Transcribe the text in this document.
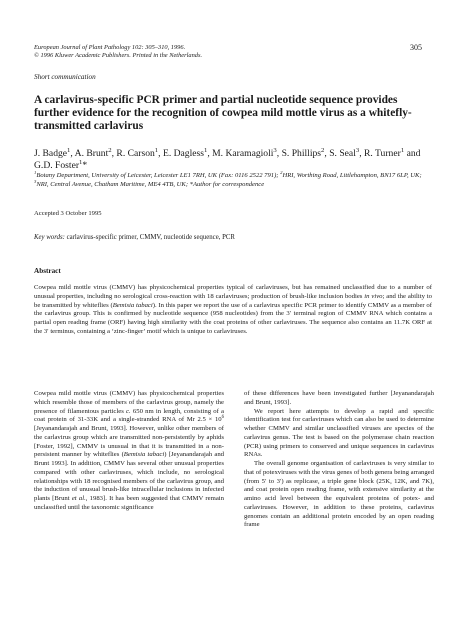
European Journal of Plant Pathology 102: 305–310, 1996.
© 1996 Kluwer Academic Publishers. Printed in the Netherlands.
305
Short communication
A carlavirus-specific PCR primer and partial nucleotide sequence provides further evidence for the recognition of cowpea mild mottle virus as a whitefly-transmitted carlavirus
J. Badge$^1$, A. Brunt$^2$, R. Carson$^1$, E. Dagless$^1$, M. Karamagioli$^3$, S. Phillips$^2$, S. Seal$^3$, R. Turner$^1$ and G.D. Foster$^1$*
$^1$Botany Department, University of Leicester, Leicester LE1 7RH, UK (Fax: 0116 2522 791); $^2$HRI, Worthing Road, Littlehampton, BN17 6LP, UK; $^3$NRI, Central Avenue, Chatham Maritime, ME4 4TB, UK; *Author for correspondence
Accepted 3 October 1995
Key words: carlavirus-specific primer, CMMV, nucleotide sequence, PCR
Abstract
Cowpea mild mottle virus (CMMV) has physicochemical properties typical of carlaviruses, but has remained unclassified due to a number of unusual properties, including no serological cross-reaction with 18 carlaviruses; production of brush-like inclusion bodies in vivo; and the ability to be transmitted by whiteflies (Bemisia tabaci). In this paper we report the use of a carlavirus specific PCR primer to identify CMMV as a member of the carlavirus group. This is confirmed by nucleotide sequence (958 nucleotides) from the 3′ terminal region of CMMV RNA which contains a partial open reading frame (ORF) having high similarity with the coat proteins of other carlaviruses. The sequence also contains an 11.7K ORF at the 3′ terminus, containing a ‘zinc-finger’ motif which is unique to carlaviruses.

Cowpea mild mottle virus (CMMV) has physicochemical properties which resemble those of members of the carlavirus group, namely the presence of filamentous particles c. 650 nm in length, consisting of a coat protein of 31-33K and a single-stranded RNA of Mr $2.5 \times 10^6$ [Jeyanandarajah and Brunt, 1993]. However, unlike other members of the carlavirus group which are transmitted non-persistently by aphids [Foster, 1992], CMMV is unusual in that it is transmitted in a non-persistent manner by whiteflies (Bemisia tabaci) [Jeyanandarajah and Brunt 1993]. In addition, CMMV has several other unusual properties compared with other carlaviruses, which include, no serological relationships with 18 recognised members of the carlavirus group, and the induction of unusual brush-like intracellular inclusions in infected plants [Brunt et al., 1983]. It has been suggested that CMMV remain unclassified until the taxonomic significance

of these differences have been investigated further [Jeyanandarajah and Brunt, 1993].

We report here attempts to develop a rapid and specific identification test for carlaviruses which can also be used to determine whether CMMV and similar unclassified viruses are species of the carlavirus genus. The test is based on the polymerase chain reaction (PCR) using primers to conserved and unique sequences in carlavirus RNAs.

The overall genome organisation of carlaviruses is very similar to that of potexviruses with the virus genes of both genera being arranged (from 5′ to 3′) as replicase, a triple gene block (25K, 12K, and 7K), and coat protein open reading frame, with extensive similarity at the amino acid level between the equivalent proteins of potex- and carlaviruses. However, in addition to these proteins, carlavirus genomes contain an additional protein encoded by an open reading frame
